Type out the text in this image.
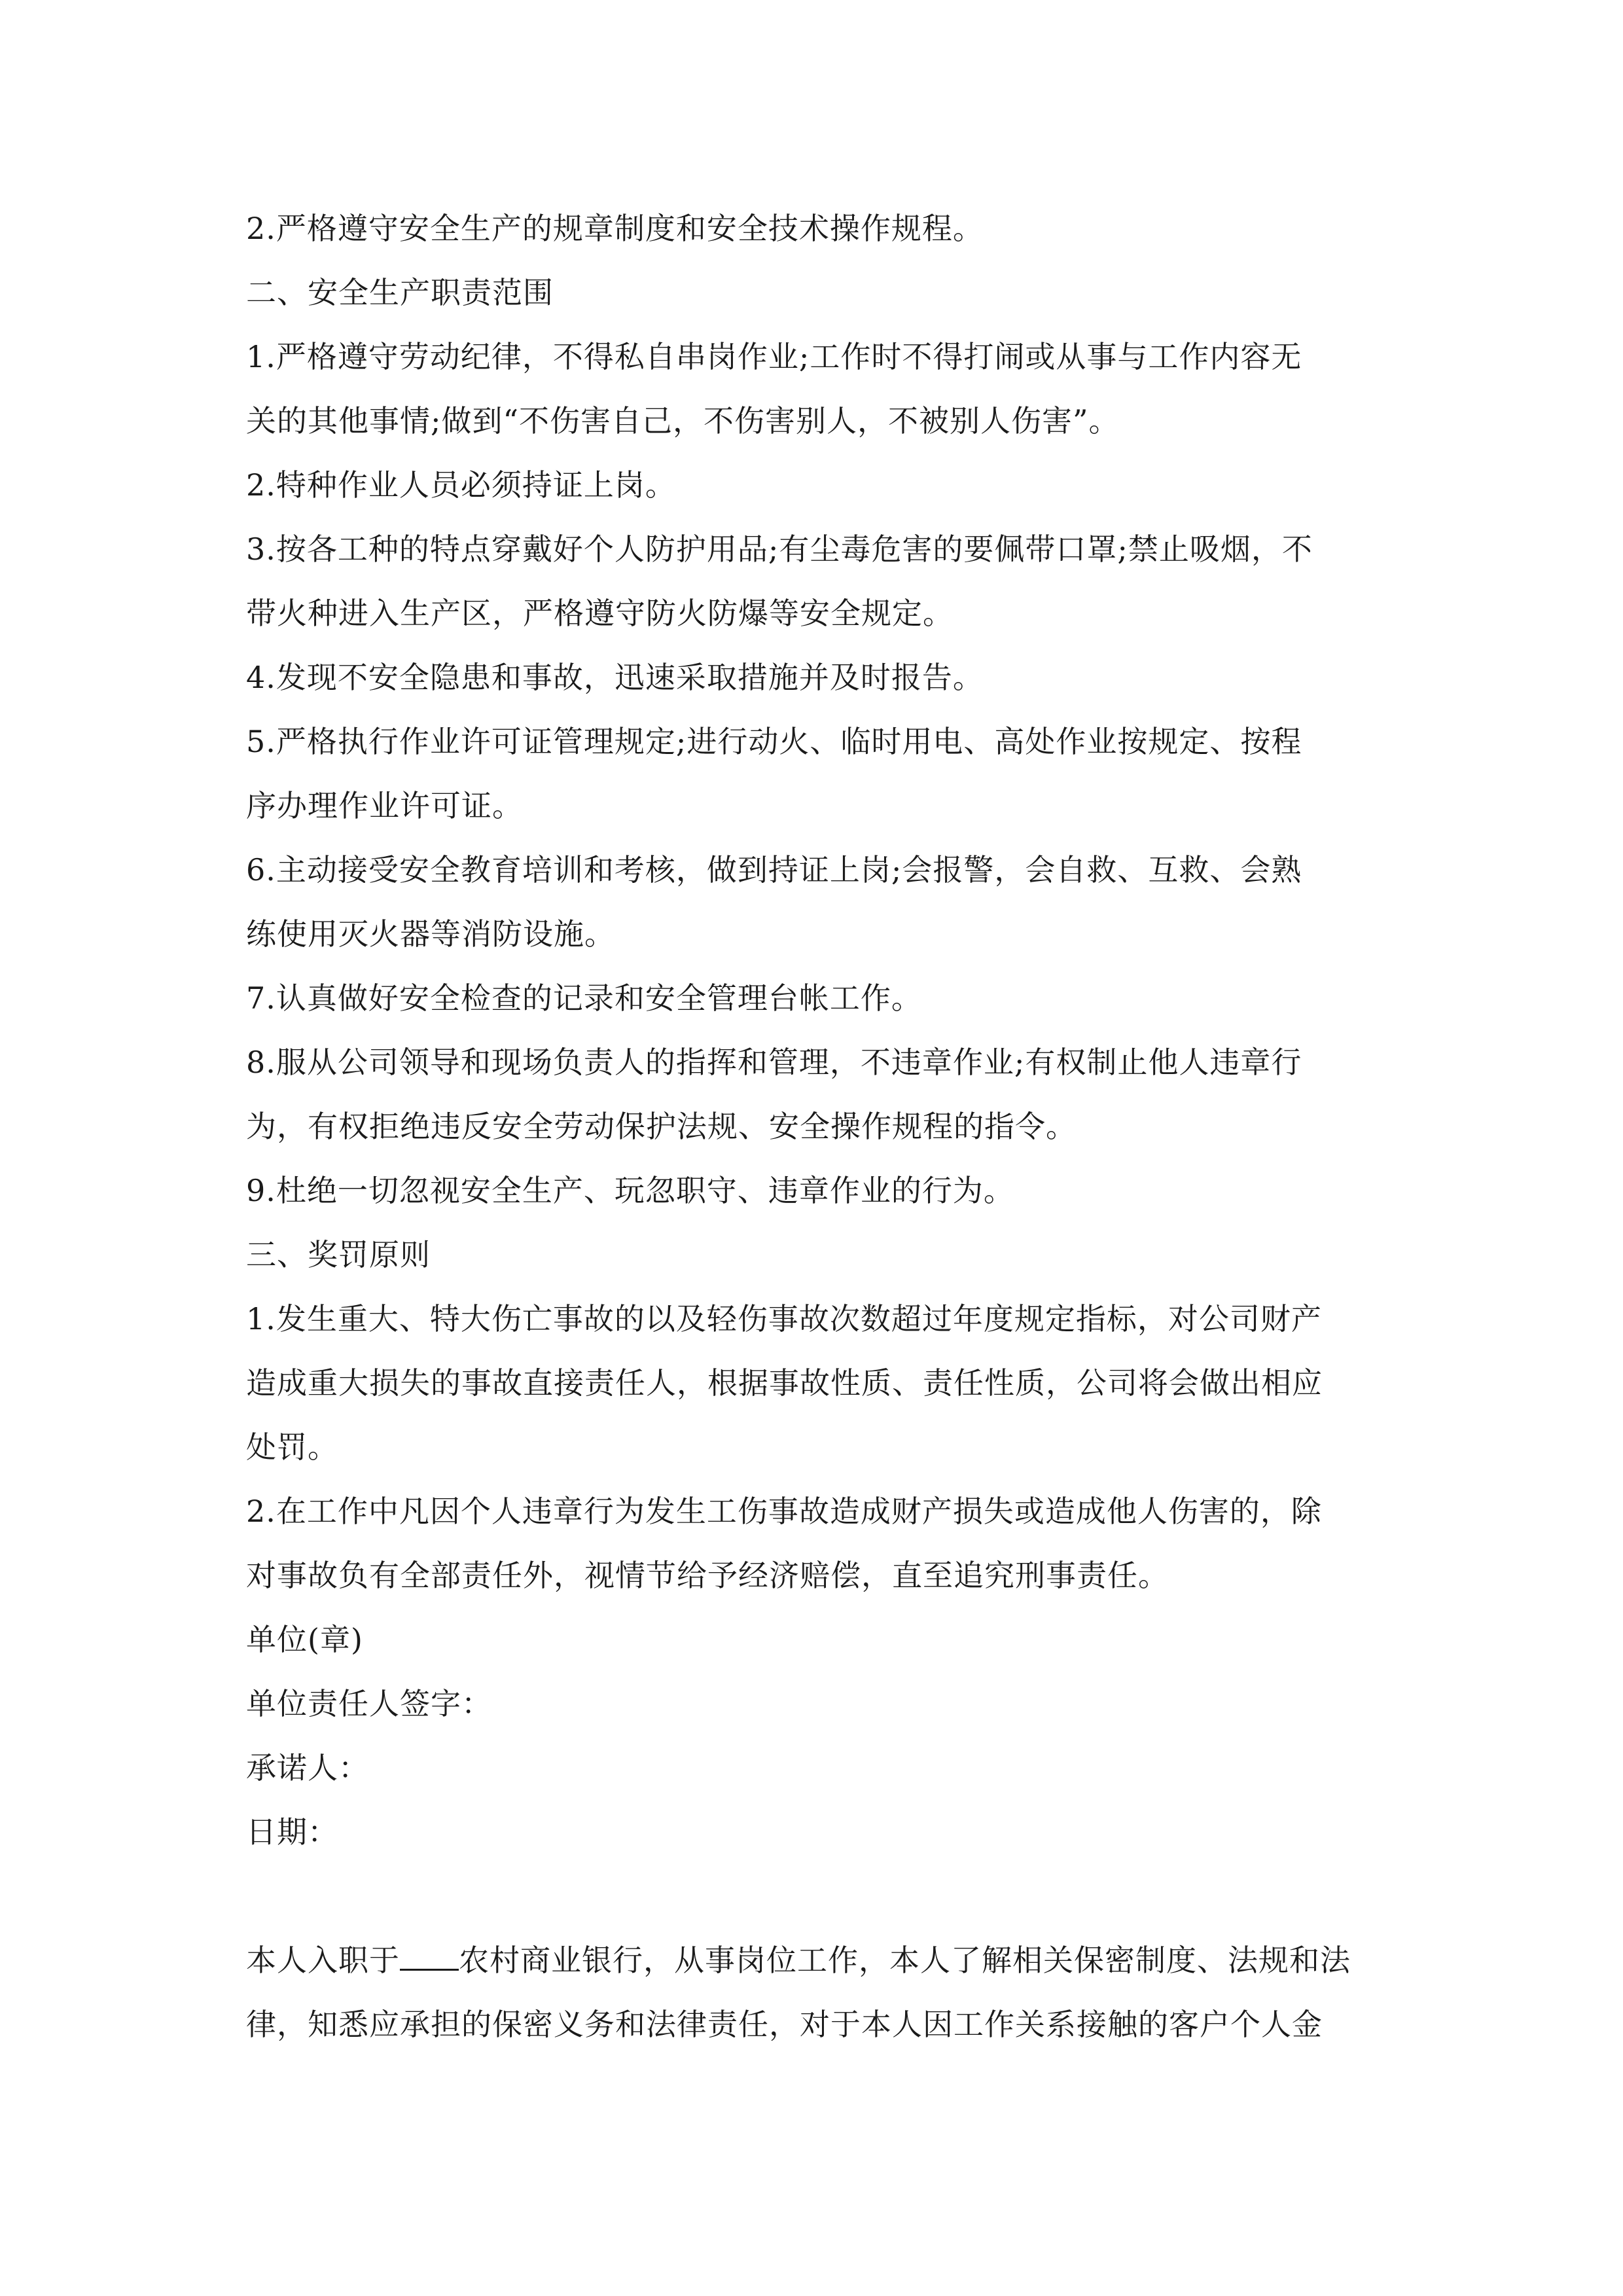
2.严格遵守安全生产的规章制度和安全技术操作规程。
二、安全生产职责范围
1.严格遵守劳动纪律，不得私自串岗作业;工作时不得打闹或从事与工作内容无
关的其他事情;做到“不伤害自己，不伤害别人，不被别人伤害”。
2.特种作业人员必须持证上岗。
3.按各工种的特点穿戴好个人防护用品;有尘毒危害的要佩带口罩;禁止吸烟，不
带火种进入生产区，严格遵守防火防爆等安全规定。
4.发现不安全隐患和事故，迅速采取措施并及时报告。
5.严格执行作业许可证管理规定;进行动火、临时用电、高处作业按规定、按程
序办理作业许可证。
6.主动接受安全教育培训和考核，做到持证上岗;会报警，会自救、互救、会熟
练使用灭火器等消防设施。
7.认真做好安全检查的记录和安全管理台帐工作。
8.服从公司领导和现场负责人的指挥和管理，不违章作业;有权制止他人违章行
为，有权拒绝违反安全劳动保护法规、安全操作规程的指令。
9.杜绝一切忽视安全生产、玩忽职守、违章作业的行为。
三、奖罚原则
1.发生重大、特大伤亡事故的以及轻伤事故次数超过年度规定指标，对公司财产
造成重大损失的事故直接责任人，根据事故性质、责任性质，公司将会做出相应
处罚。
2.在工作中凡因个人违章行为发生工伤事故造成财产损失或造成他人伤害的，除
对事故负有全部责任外，视情节给予经济赔偿，直至追究刑事责任。
单位(章)
单位责任人签字：
承诺人：
日期：
本人入职于 农村商业银行，从事岗位工作，本人了解相关保密制度、法规和法
律，知悉应承担的保密义务和法律责任，对于本人因工作关系接触的客户个人金
